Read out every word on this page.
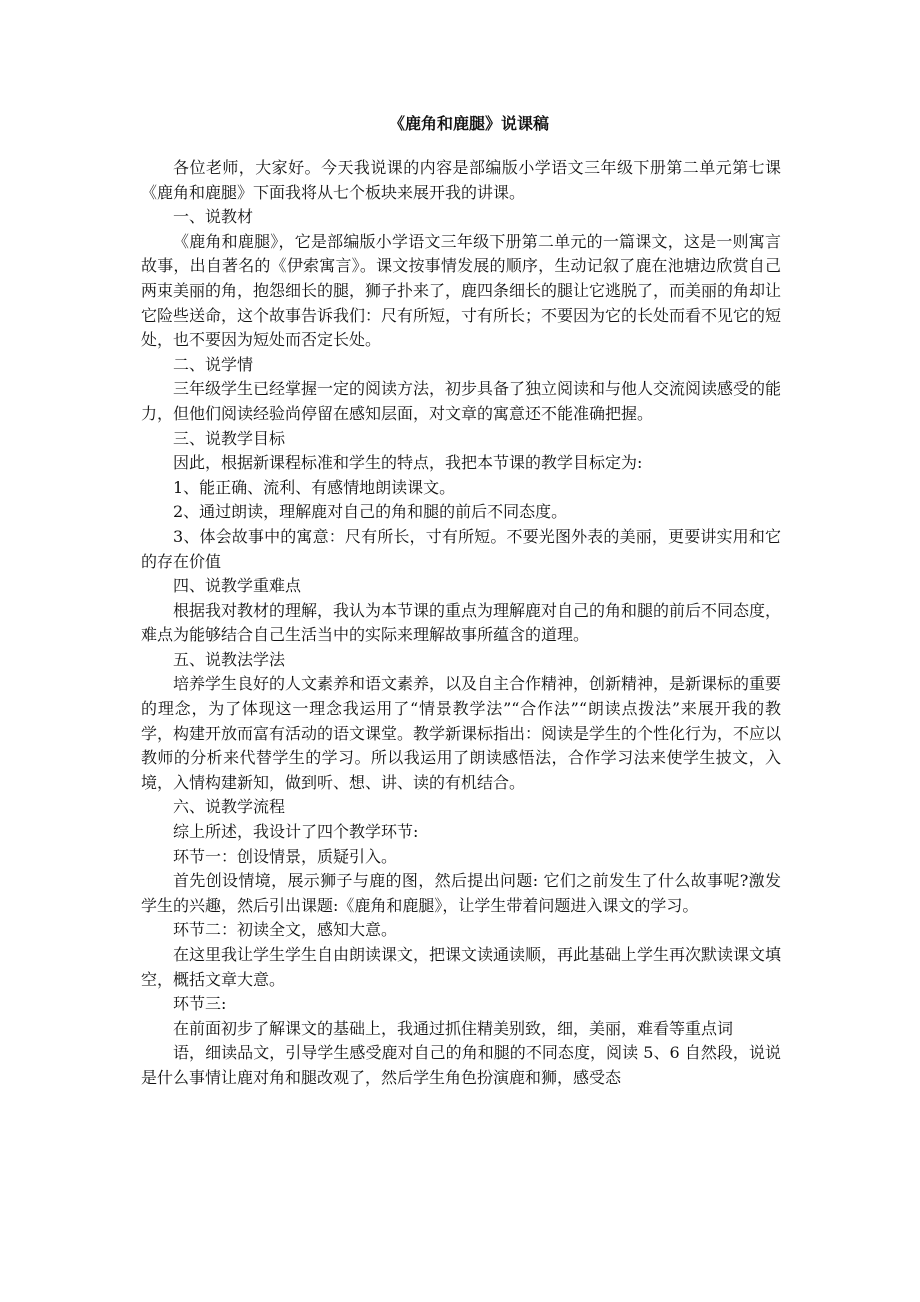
《鹿角和鹿腿》说课稿

各位老师，大家好。今天我说课的内容是部编版小学语文三年级下册第二单元第七课《鹿角和鹿腿》下面我将从七个板块来展开我的讲课。

一、说教材

《鹿角和鹿腿》，它是部编版小学语文三年级下册第二单元的一篇课文，这是一则寓言故事，出自著名的《伊索寓言》。课文按事情发展的顺序，生动记叙了鹿在池塘边欣赏自己两束美丽的角，抱怨细长的腿，狮子扑来了，鹿四条细长的腿让它逃脱了，而美丽的角却让它险些送命，这个故事告诉我们：尺有所短，寸有所长；不要因为它的长处而看不见它的短处，也不要因为短处而否定长处。

二、说学情

三年级学生已经掌握一定的阅读方法，初步具备了独立阅读和与他人交流阅读感受的能力，但他们阅读经验尚停留在感知层面，对文章的寓意还不能准确把握。

三、说教学目标

因此，根据新课程标准和学生的特点，我把本节课的教学目标定为:

1、能正确、流利、有感情地朗读课文。

2、通过朗读，理解鹿对自己的角和腿的前后不同态度。

3、体会故事中的寓意：尺有所长，寸有所短。不要光图外表的美丽，更要讲实用和它的存在价值

四、说教学重难点

根据我对教材的理解，我认为本节课的重点为理解鹿对自己的角和腿的前后不同态度，难点为能够结合自己生活当中的实际来理解故事所蕴含的道理。

五、说教法学法

培养学生良好的人文素养和语文素养，以及自主合作精神，创新精神，是新课标的重要的理念，为了体现这一理念我运用了“情景教学法”“合作法”“朗读点拨法”来展开我的教学，构建开放而富有活动的语文课堂。教学新课标指出：阅读是学生的个性化行为，不应以教师的分析来代替学生的学习。所以我运用了朗读感悟法，合作学习法来使学生披文，入境，入情构建新知，做到听、想、讲、读的有机结合。

六、说教学流程

综上所述，我设计了四个教学环节:

环节一：创设情景，质疑引入。

首先创设情境，展示狮子与鹿的图，然后提出问题: 它们之前发生了什么故事呢?激发学生的兴趣，然后引出课题:《鹿角和鹿腿》，让学生带着问题进入课文的学习。

环节二：初读全文，感知大意。

在这里我让学生学生自由朗读课文，把课文读通读顺，再此基础上学生再次默读课文填空，概括文章大意。

环节三:

在前面初步了解课文的基础上，我通过抓住精美别致，细，美丽，难看等重点词

语，细读品文，引导学生感受鹿对自己的角和腿的不同态度，阅读 5、6 自然段，说说是什么事情让鹿对角和腿改观了，然后学生角色扮演鹿和狮，感受态
